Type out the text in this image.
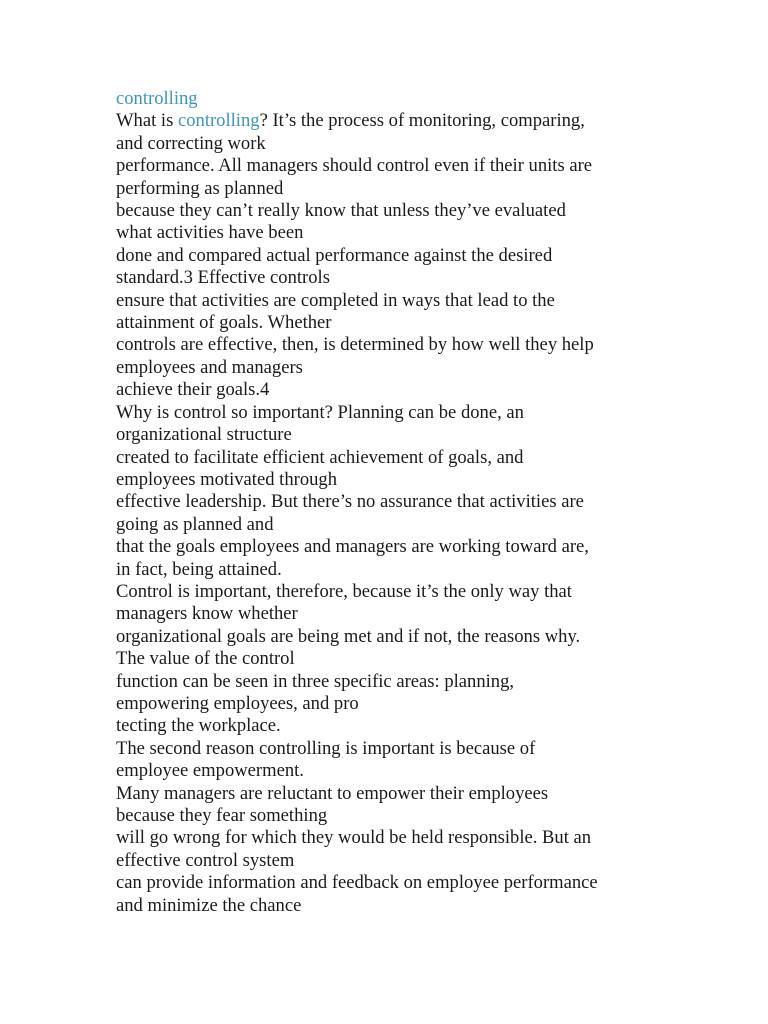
controlling
What is controlling? It’s the process of monitoring, comparing,
and correcting work
performance. All managers should control even if their units are
performing as planned
because they can’t really know that unless they’ve evaluated
what activities have been
done and compared actual performance against the desired
standard.3 Effective controls
ensure that activities are completed in ways that lead to the
attainment of goals. Whether
controls are effective, then, is determined by how well they help
employees and managers
achieve their goals.4
Why is control so important? Planning can be done, an
organizational structure
created to facilitate efficient achievement of goals, and
employees motivated through
effective leadership. But there’s no assurance that activities are
going as planned and
that the goals employees and managers are working toward are,
in fact, being attained.
Control is important, therefore, because it’s the only way that
managers know whether
organizational goals are being met and if not, the reasons why.
The value of the control
function can be seen in three specific areas: planning,
empowering employees, and pro
tecting the workplace.
The second reason controlling is important is because of
employee empowerment.
Many managers are reluctant to empower their employees
because they fear something
will go wrong for which they would be held responsible. But an
effective control system
can provide information and feedback on employee performance
and minimize the chance
